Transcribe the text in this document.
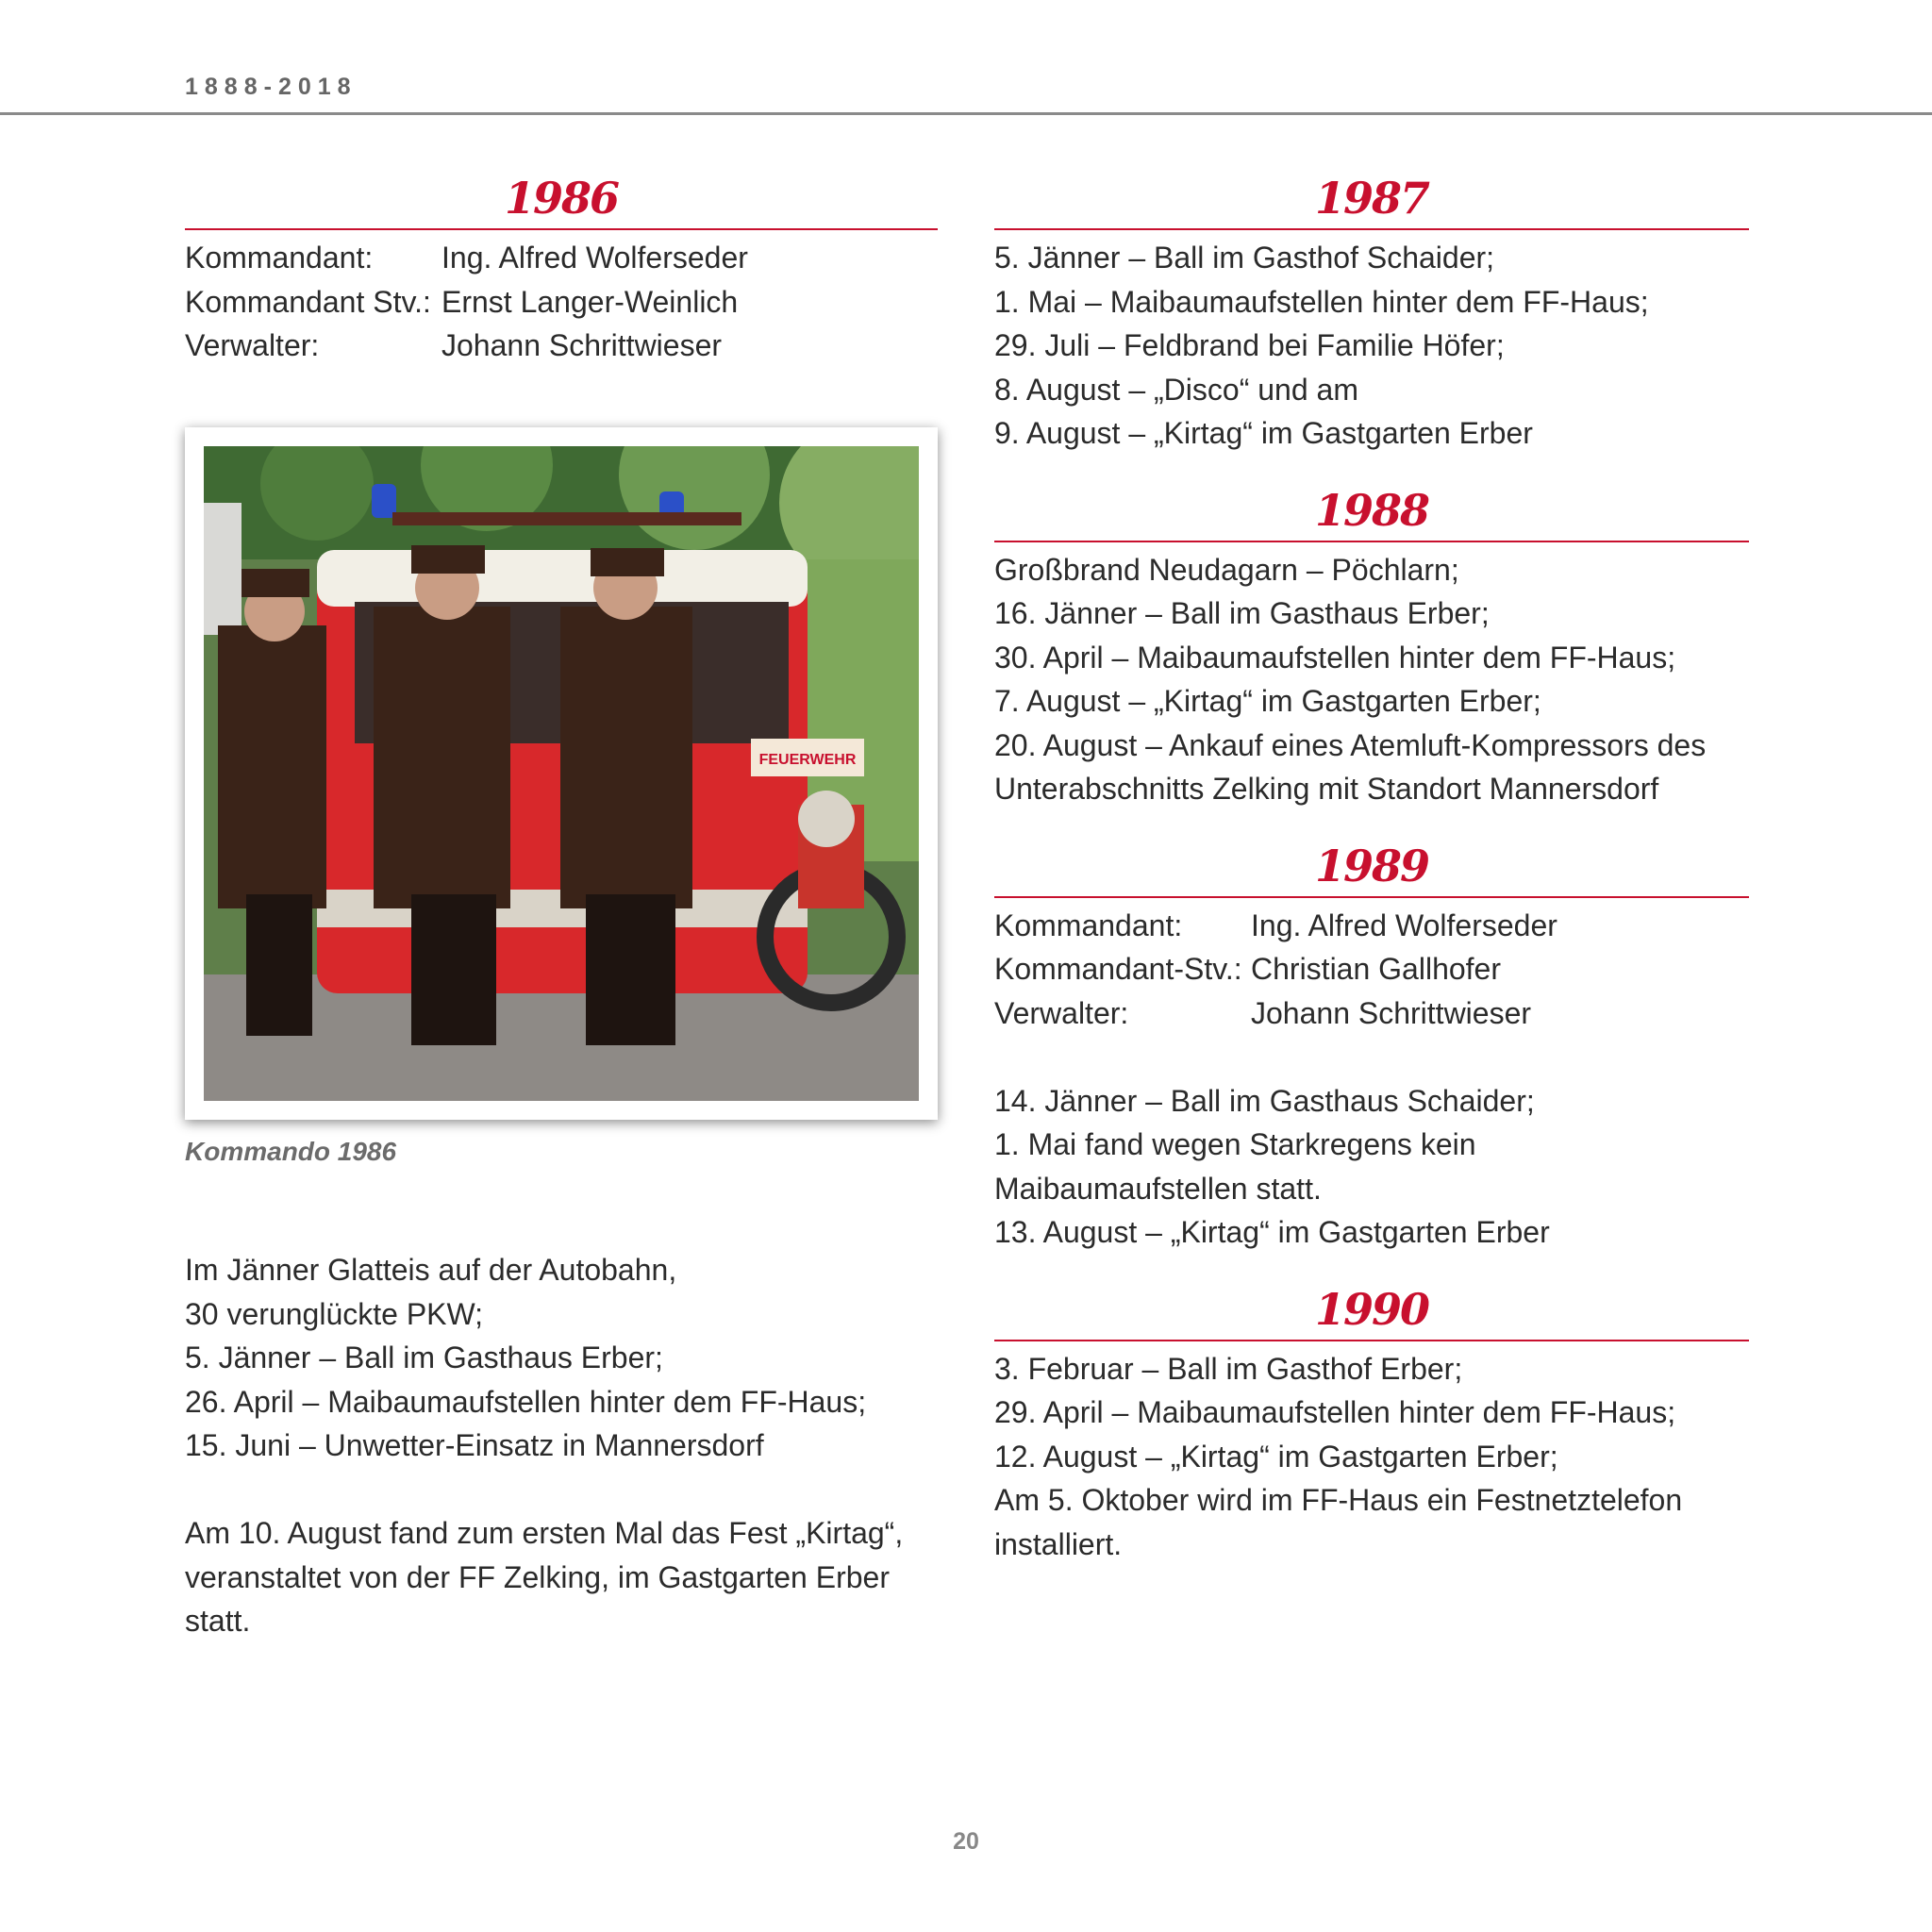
1888-2018
1986
Kommandant:	Ing. Alfred Wolferseder
Kommandant Stv.: Ernst Langer-Weinlich
Verwalter:	Johann Schrittwieser
FEUERWEHR
Kommando 1986
Im Jänner Glatteis auf der Autobahn,
30 verunglückte PKW;
5. Jänner – Ball im Gasthaus Erber;
26. April – Maibaumaufstellen hinter dem FF-Haus;
15. Juni – Unwetter-Einsatz in Mannersdorf
Am 10. August fand zum ersten Mal das Fest „Kirtag“,
veranstaltet von der FF Zelking, im Gastgarten Erber
statt.
1987
5. Jänner – Ball im Gasthof Schaider;
1. Mai – Maibaumaufstellen hinter dem FF-Haus;
29. Juli – Feldbrand bei Familie Höfer;
8. August – „Disco“ und am
9. August – „Kirtag“ im Gastgarten Erber
1988
Großbrand Neudagarn – Pöchlarn;
16. Jänner – Ball im Gasthaus Erber;
30. April – Maibaumaufstellen hinter dem FF-Haus;
7. August – „Kirtag“ im Gastgarten Erber;
20. August – Ankauf eines Atemluft-Kompressors des
Unterabschnitts Zelking mit Standort Mannersdorf
1989
Kommandant:	Ing. Alfred Wolferseder
Kommandant-Stv.: Christian Gallhofer
Verwalter:	Johann Schrittwieser
14. Jänner – Ball im Gasthaus Schaider;
1. Mai fand wegen Starkregens kein
Maibaumaufstellen statt.
13. August – „Kirtag“ im Gastgarten Erber
1990
3. Februar – Ball im Gasthof Erber;
29. April – Maibaumaufstellen hinter dem FF-Haus;
12. August – „Kirtag“ im Gastgarten Erber;
Am 5. Oktober wird im FF-Haus ein Festnetztelefon
installiert.
20
